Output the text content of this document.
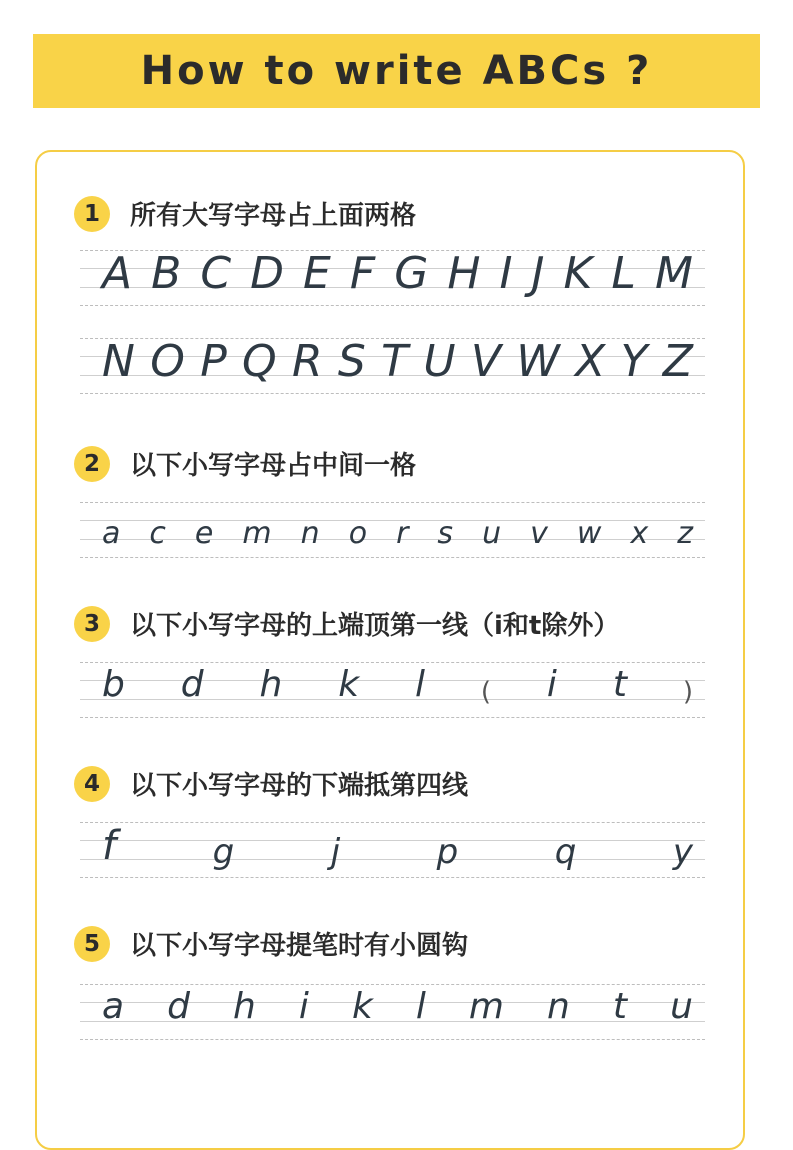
How to write ABCs ?
1	所有大写字母占上面两格
A B C D E F G H I J K L M
N O P Q R S T U V W X Y Z
2	以下小写字母占中间一格
a c e m n o r s u v w x z
3	以下小写字母的上端顶第一线（i和t除外）
b d h k l ( i t )
4	以下小写字母的下端抵第四线
f	g	j	p	q	y
5	以下小写字母提笔时有小圆钩
a d h i k l m n t u
